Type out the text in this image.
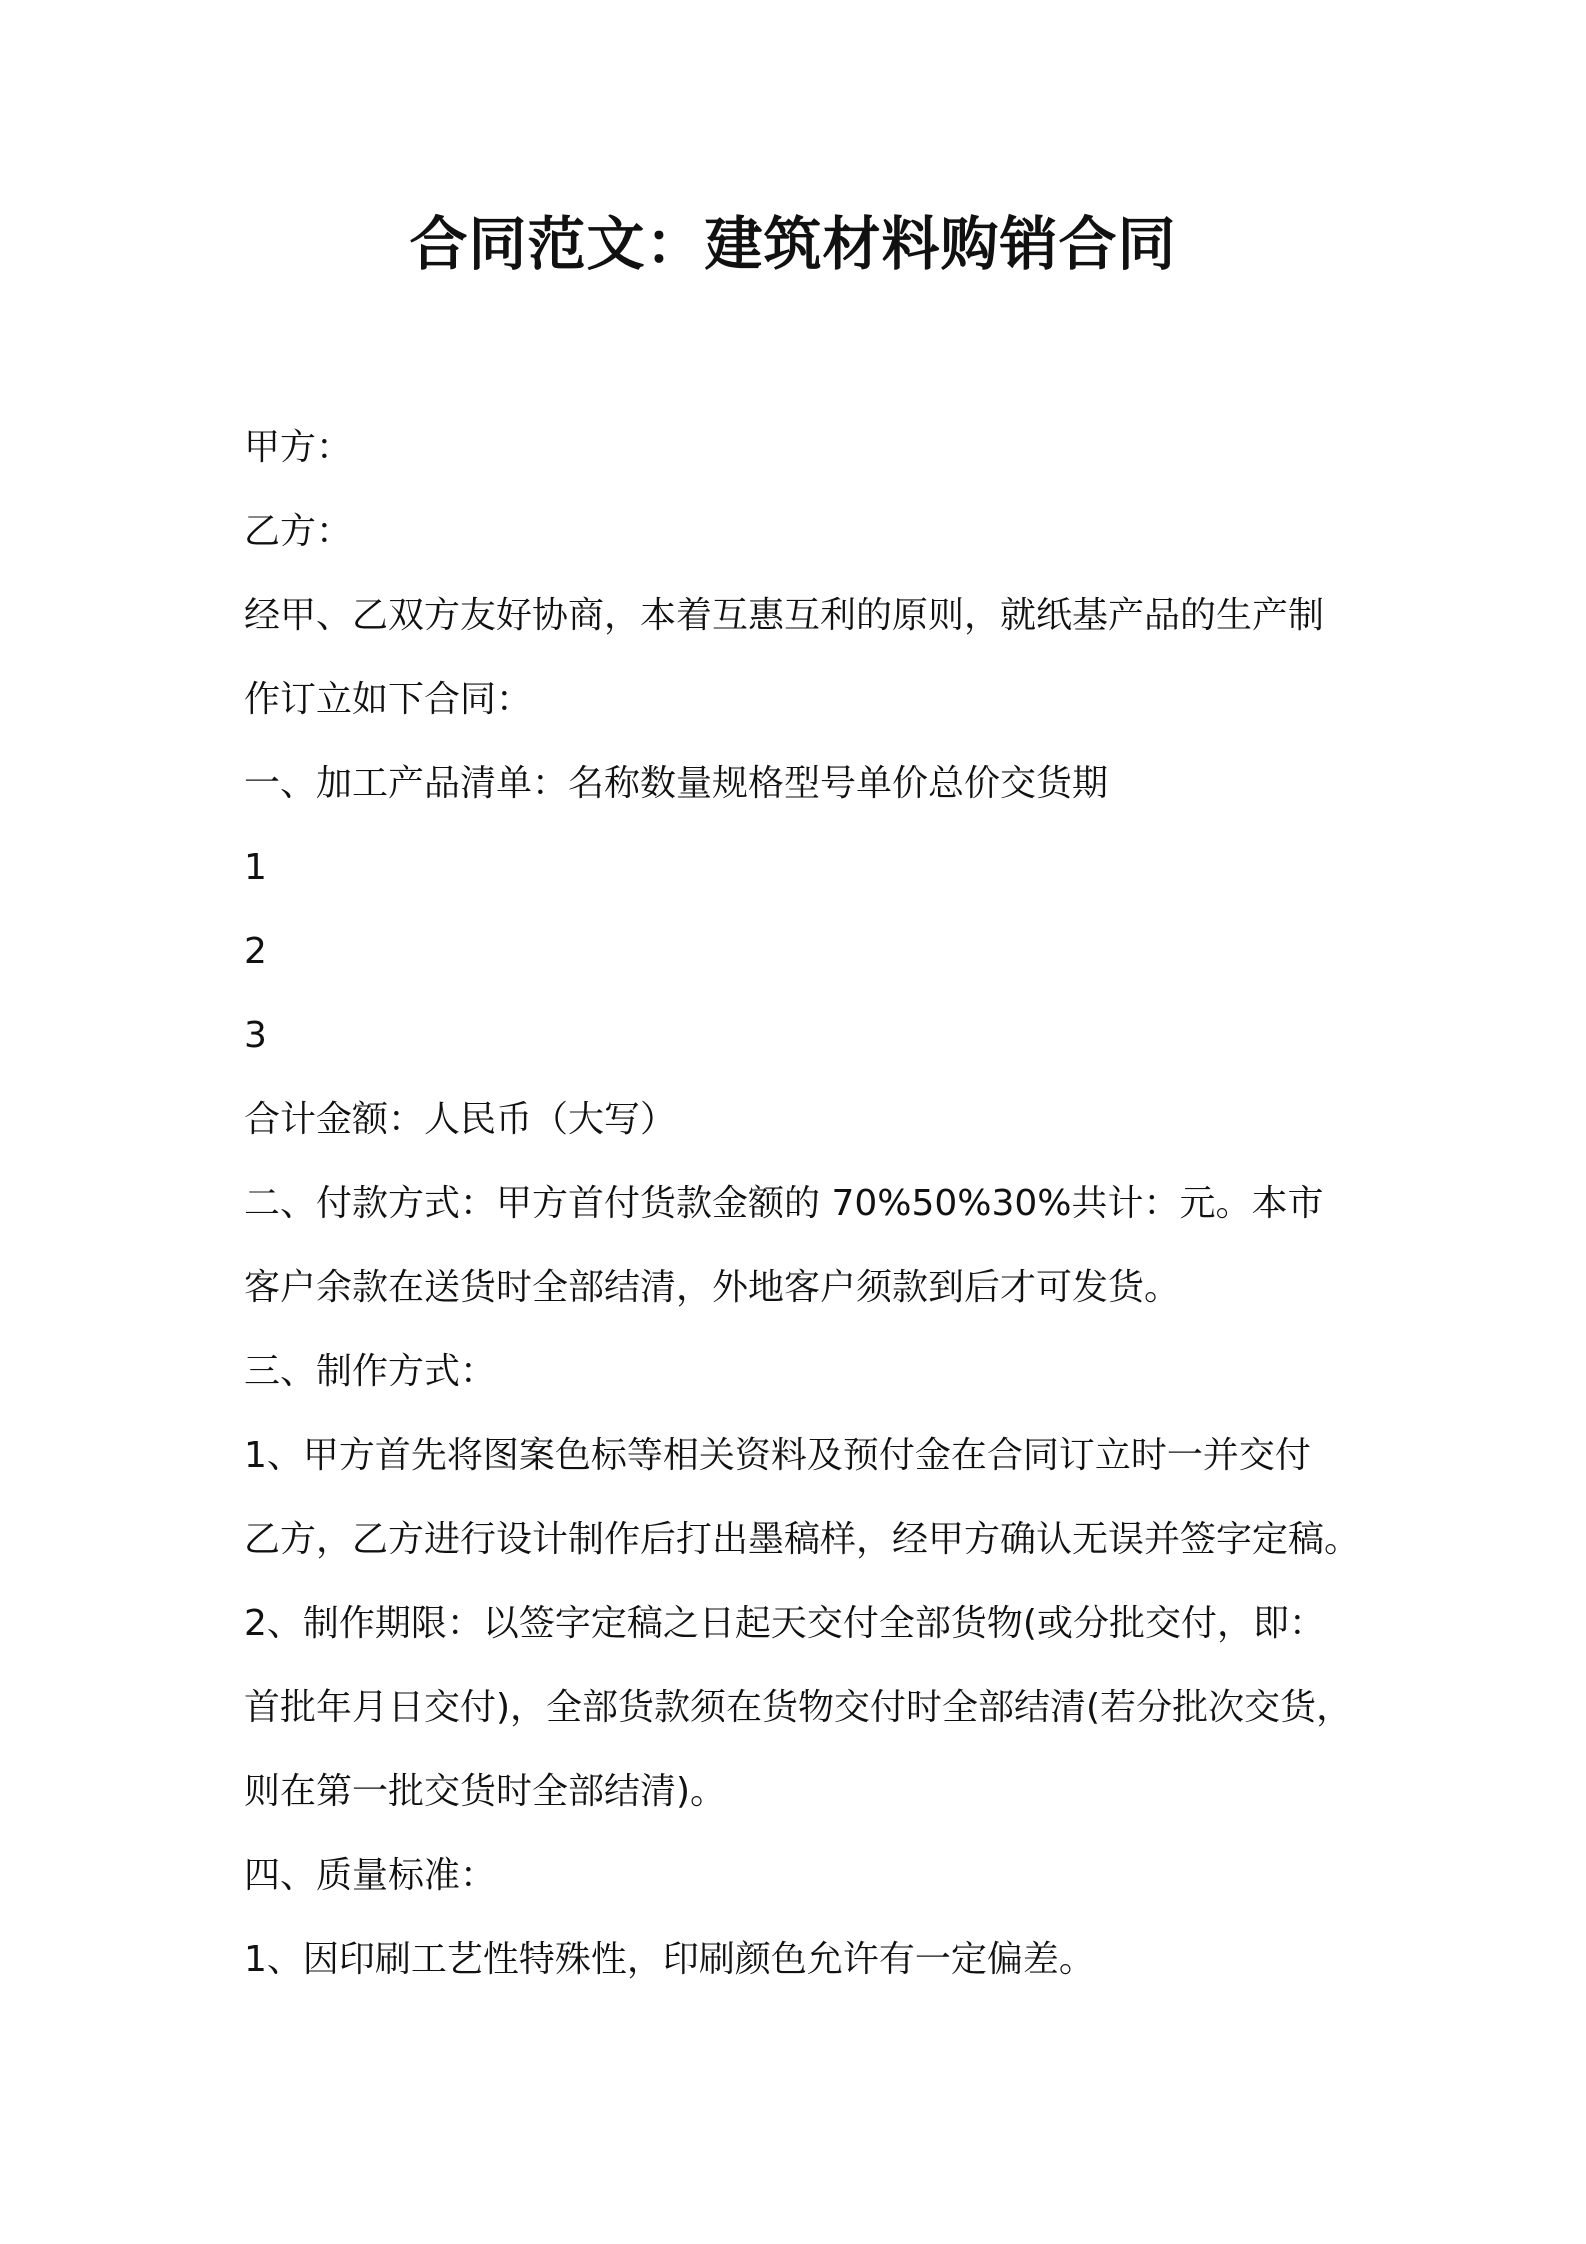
合同范文：建筑材料购销合同

甲方：

乙方：

经甲、乙双方友好协商，本着互惠互利的原则，就纸基产品的生产制

作订立如下合同：

一、加工产品清单：名称数量规格型号单价总价交货期

1

2

3

合计金额：人民币（大写）

二、付款方式：甲方首付货款金额的 70%50%30%共计：元。本市

客户余款在送货时全部结清，外地客户须款到后才可发货。

三、制作方式：

1、甲方首先将图案色标等相关资料及预付金在合同订立时一并交付

乙方，乙方进行设计制作后打出墨稿样，经甲方确认无误并签字定稿。

2、制作期限：以签字定稿之日起天交付全部货物(或分批交付，即：

首批年月日交付)，全部货款须在货物交付时全部结清(若分批次交货，

则在第一批交货时全部结清)。

四、质量标准：

1、因印刷工艺性特殊性，印刷颜色允许有一定偏差。
